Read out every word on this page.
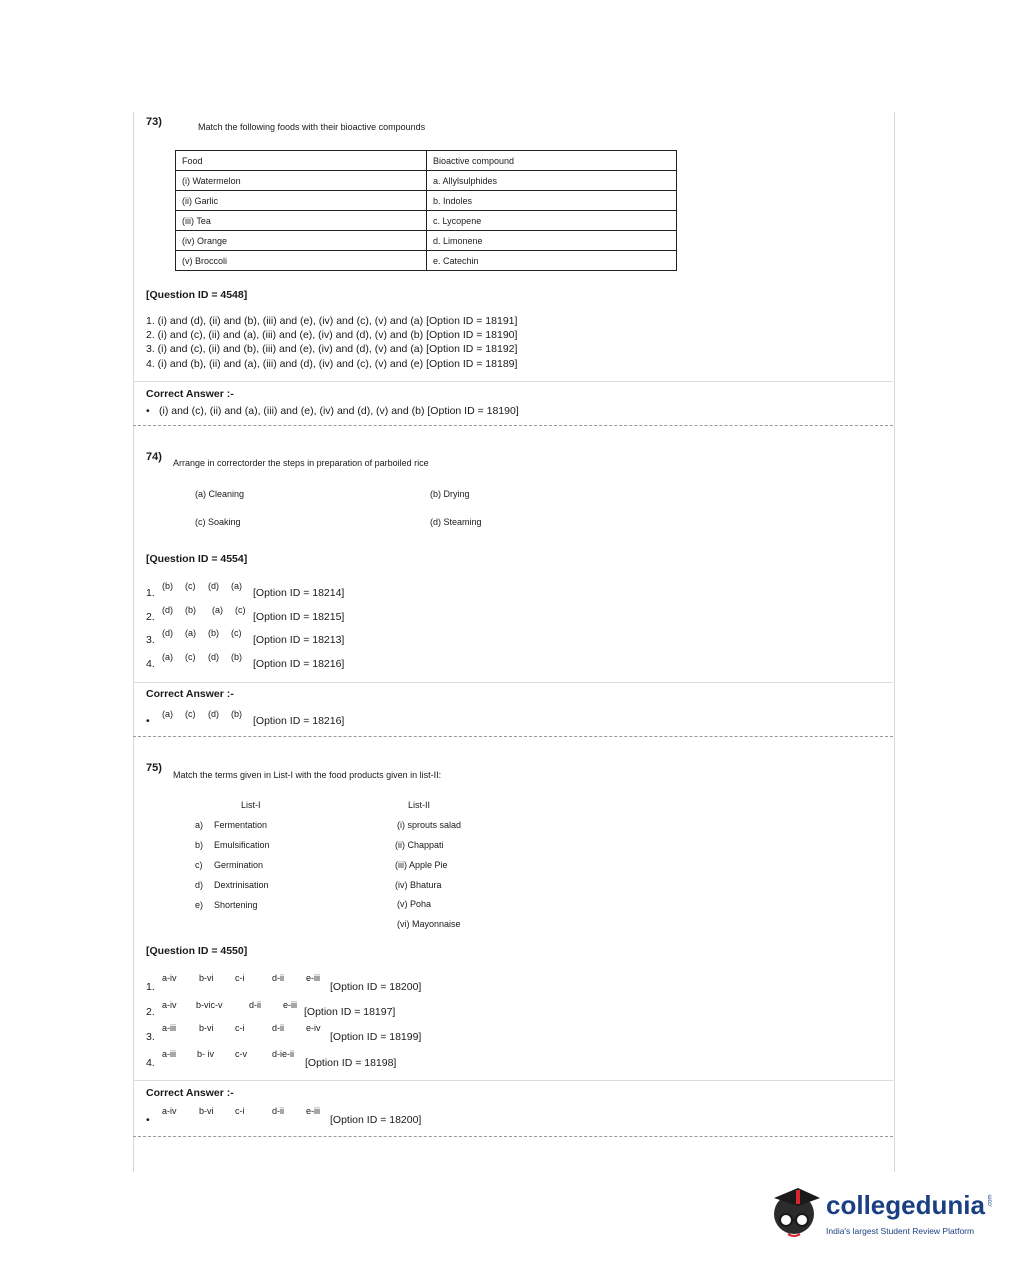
73)	Match the following foods with their bioactive compounds
Food	Bioactive compound
(i) Watermelon	a. Allylsulphides
(ii) Garlic	b. Indoles
(iii) Tea	c. Lycopene
(iv) Orange	d. Limonene
(v) Broccoli	e. Catechin
[Question ID = 4548]
1. (i) and (d), (ii) and (b), (iii) and (e), (iv) and (c), (v) and (a) [Option ID = 18191]
2. (i) and (c), (ii) and (a), (iii) and (e), (iv) and (d), (v) and (b) [Option ID = 18190]
3. (i) and (c), (ii) and (b), (iii) and (e), (iv) and (d), (v) and (a) [Option ID = 18192]
4. (i) and (b), (ii) and (a), (iii) and (d), (iv) and (c), (v) and (e) [Option ID = 18189]
Correct Answer :-
• (i) and (c), (ii) and (a), (iii) and (e), (iv) and (d), (v) and (b) [Option ID = 18190]
74) Arrange in correctorder the steps in preparation of parboiled rice
(a) Cleaning	(b) Drying
(c) Soaking	(d) Steaming
[Question ID = 4554]
1.
(b) (c) (d) (a)
[Option ID = 18214]
2.
(d) (b) (a) (c)
[Option ID = 18215]
3.
(d) (a) (b) (c)
[Option ID = 18213]
4.
(a) (c) (d) (b)
[Option ID = 18216]
Correct Answer :-
•
(a) (c) (d) (b)
[Option ID = 18216]
75)
Match the terms given in List-I with the food products given in list-II:
List-I	List-II
a) Fermentation
b) Emulsification
c) Germination
d) Dextrinisation
e) Shortening
(i) sprouts salad
(ii) Chappati
(iii) Apple Pie
(iv) Bhatura
(v) Poha
(vi) Mayonnaise
[Question ID = 4550]
1.
a-iv b-vi c-i	d-ii e-iii
[Option ID = 18200]
2.
a-iv b-vic-v	d-ii e-iii
[Option ID = 18197]
3.
a-iii	b-vi c-i	d-ii e-iv
[Option ID = 18199]
4.
a-iii b- iv c-v	d-ie-ii
[Option ID = 18198]
Correct Answer :-
•
a-iv b-vi c-i	d-ii e-iii
[Option ID = 18200]
collegedunia .com
India's largest Student Review Platform
